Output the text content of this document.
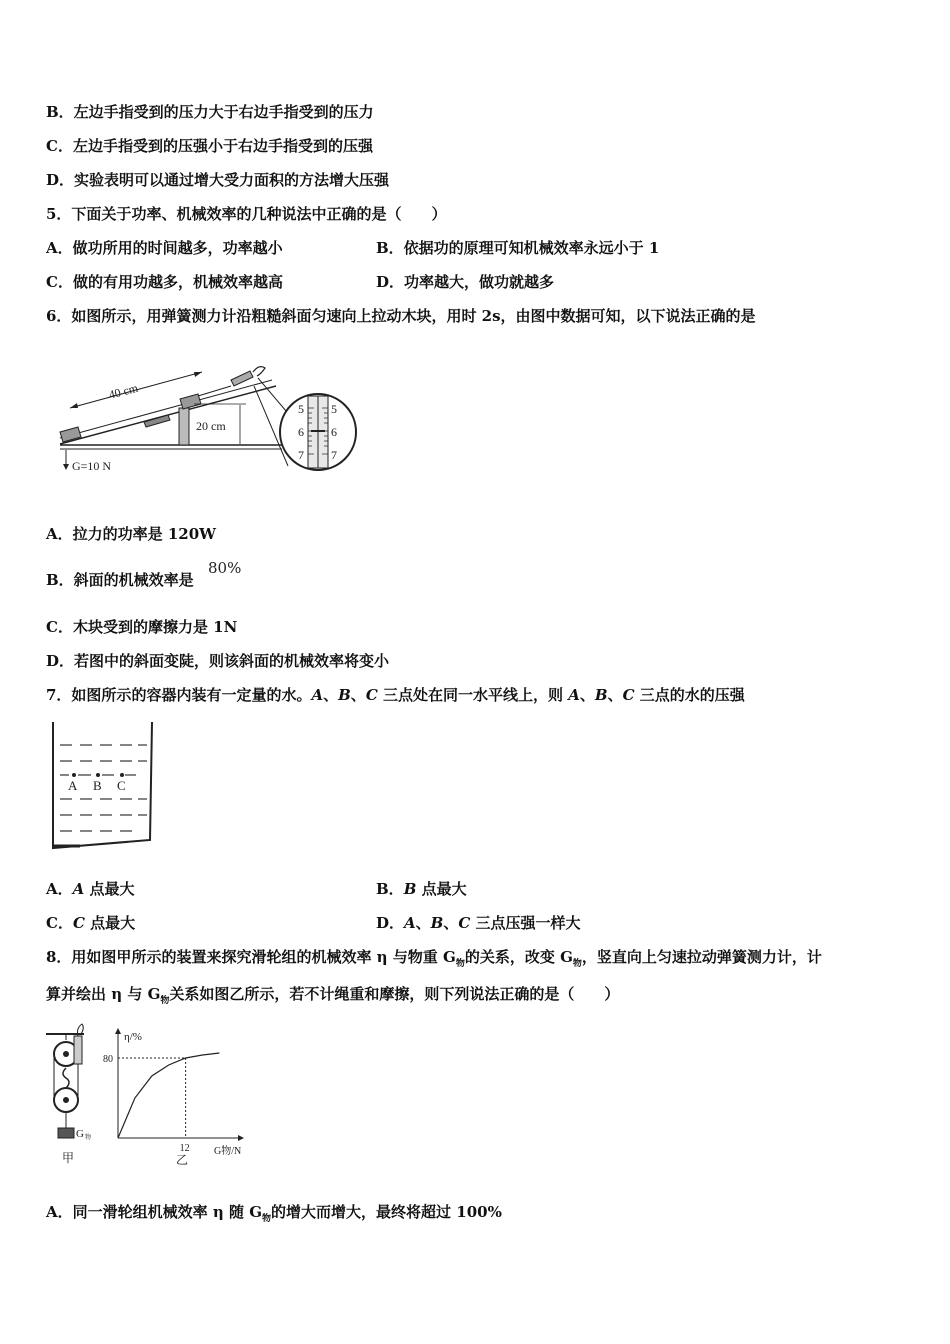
B．左边手指受到的压力大于右边手指受到的压力
C．左边手指受到的压强小于右边手指受到的压强
D．实验表明可以通过增大受力面积的方法增大压强
5．下面关于功率、机械效率的几种说法中正确的是（　　）
A．做功所用的时间越多，功率越小	B．依据功的原理可知机械效率永远小于 1
C．做的有用功越多，机械效率越高	D．功率越大，做功就越多
6．如图所示，用弹簧测力计沿粗糙斜面匀速向上拉动木块，用时 2s，由图中数据可知，以下说法正确的是
40 cm
20 cm
G=10 N
5
6
7
5
6
7
A．拉力的功率是 120W
B．斜面的机械效率是
80%
C．木块受到的摩擦力是 1N
D．若图中的斜面变陡，则该斜面的机械效率将变小
7．如图所示的容器内装有一定量的水。A、B、C 三点处在同一水平线上，则 A、B、C 三点的水的压强
A B C
A．A 点最大	B．B 点最大
C．C 点最大	D．A、B、C 三点压强一样大
8．用如图甲所示的装置来探究滑轮组的机械效率 η 与物重 $G_物$的关系，改变 $G_物$，竖直向上匀速拉动弹簧测力计，计
算并绘出 η 与 $G_物$关系如图乙所示，若不计绳重和摩擦，则下列说法正确的是（　　）
G 物
甲
η/%
G物/N
乙
80
12
A．同一滑轮组机械效率 η 随 $G_物$的增大而增大，最终将超过 100%
